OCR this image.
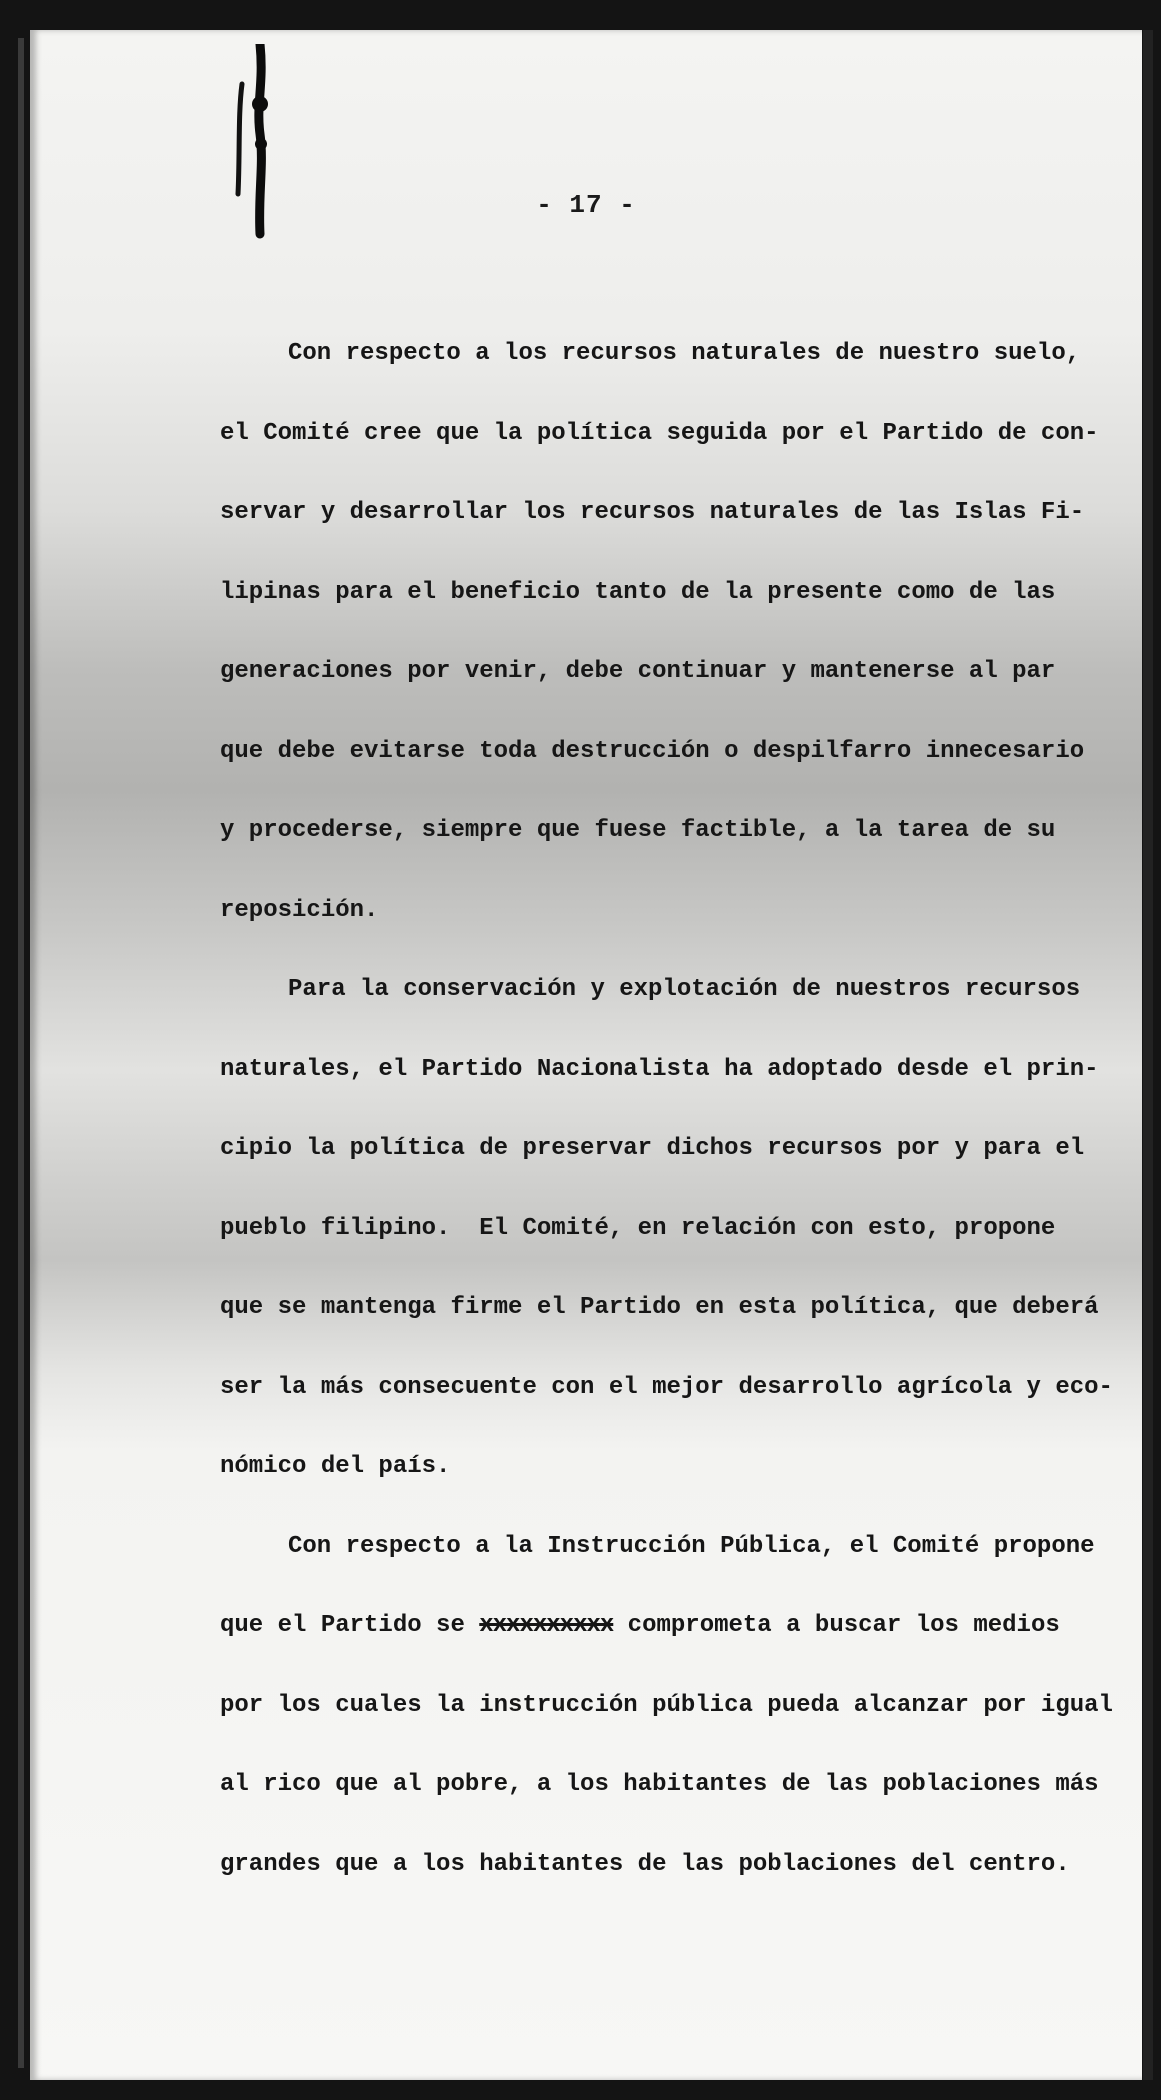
- 17 -
Con respecto a los recursos naturales de nuestro suelo,
el Comité cree que la política seguida por el Partido de con-
servar y desarrollar los recursos naturales de las Islas Fi-
lipinas para el beneficio tanto de la presente como de las
generaciones por venir, debe continuar y mantenerse al par
que debe evitarse toda destrucción o despilfarro innecesario
y procederse, siempre que fuese factible, a la tarea de su
reposición.
Para la conservación y explotación de nuestros recursos
naturales, el Partido Nacionalista ha adoptado desde el prin-
cipio la política de preservar dichos recursos por y para el
pueblo filipino.  El Comité, en relación con esto, propone
que se mantenga firme el Partido en esta política, que deberá
ser la más consecuente con el mejor desarrollo agrícola y eco-
nómico del país.
Con respecto a la Instrucción Pública, el Comité propone
que el Partido se xxxxxxxxxx comprometa a buscar los medios
por los cuales la instrucción pública pueda alcanzar por igual
al rico que al pobre, a los habitantes de las poblaciones más
grandes que a los habitantes de las poblaciones del centro.
